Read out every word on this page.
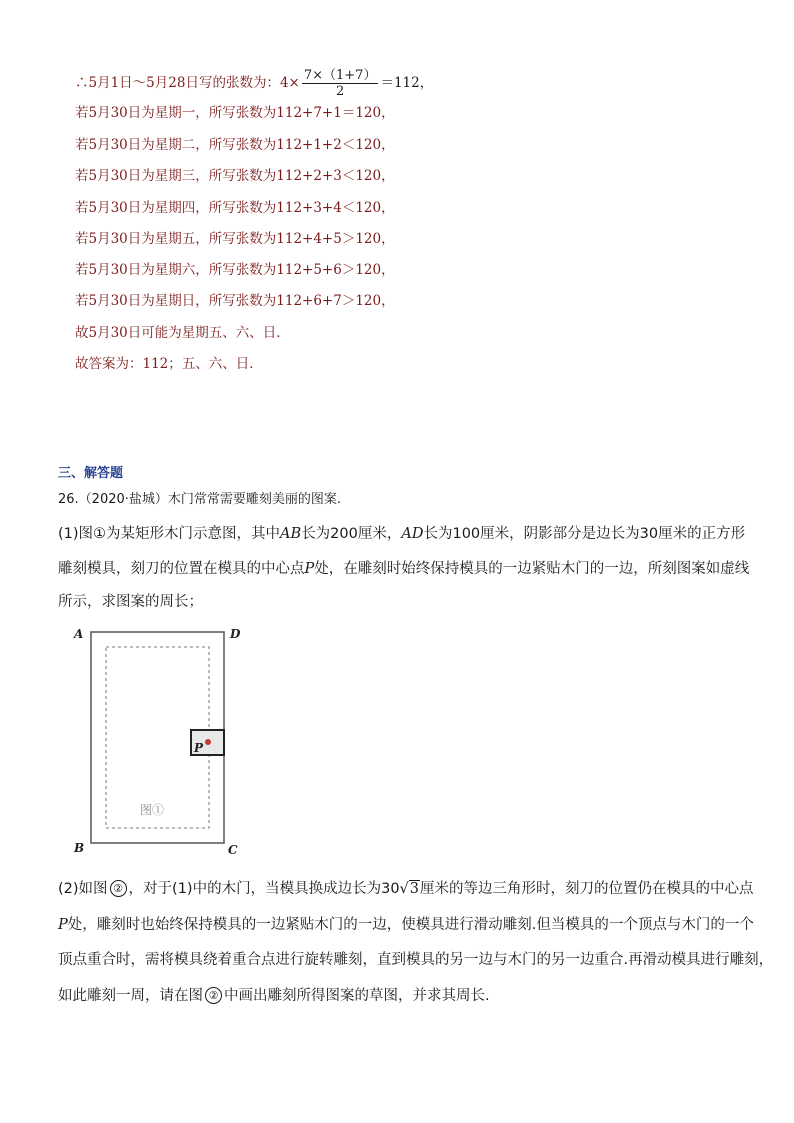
∴5月1日～5月28日写的张数为：$4\times \frac{7\times(1+7)}{2} =112$，
若5月30日为星期一，所写张数为112+7+1＝120，
若5月30日为星期二，所写张数为112+1+2＜120，
若5月30日为星期三，所写张数为112+2+3＜120，
若5月30日为星期四，所写张数为112+3+4＜120，
若5月30日为星期五，所写张数为112+4+5＞120，
若5月30日为星期六，所写张数为112+5+6＞120，
若5月30日为星期日，所写张数为112+6+7＞120，
故5月30日可能为星期五、六、日．
故答案为：112；五、六、日．
三、解答题
26.（2020·盐城）木门常常需要雕刻美丽的图案.
(1)图①为某矩形木门示意图，其中AB长为200厘米，AD长为100厘米，阴影部分是边长为30厘米的正方形
雕刻模具，刻刀的位置在模具的中心点P处，在雕刻时始终保持模具的一边紧贴木门的一边，所刻图案如虚线
所示，求图案的周长；
A	D
B	C
P
图①
(2)如图 ② ，对于(1)中的木门，当模具换成边长为30√3厘米的等边三角形时，刻刀的位置仍在模具的中心点
P处，雕刻时也始终保持模具的一边紧贴木门的一边，使模具进行滑动雕刻.但当模具的一个顶点与木门的一个
顶点重合时，需将模具绕着重合点进行旋转雕刻，直到模具的另一边与木门的另一边重合.再滑动模具进行雕刻，
如此雕刻一周，请在图 ② 中画出雕刻所得图案的草图，并求其周长.
